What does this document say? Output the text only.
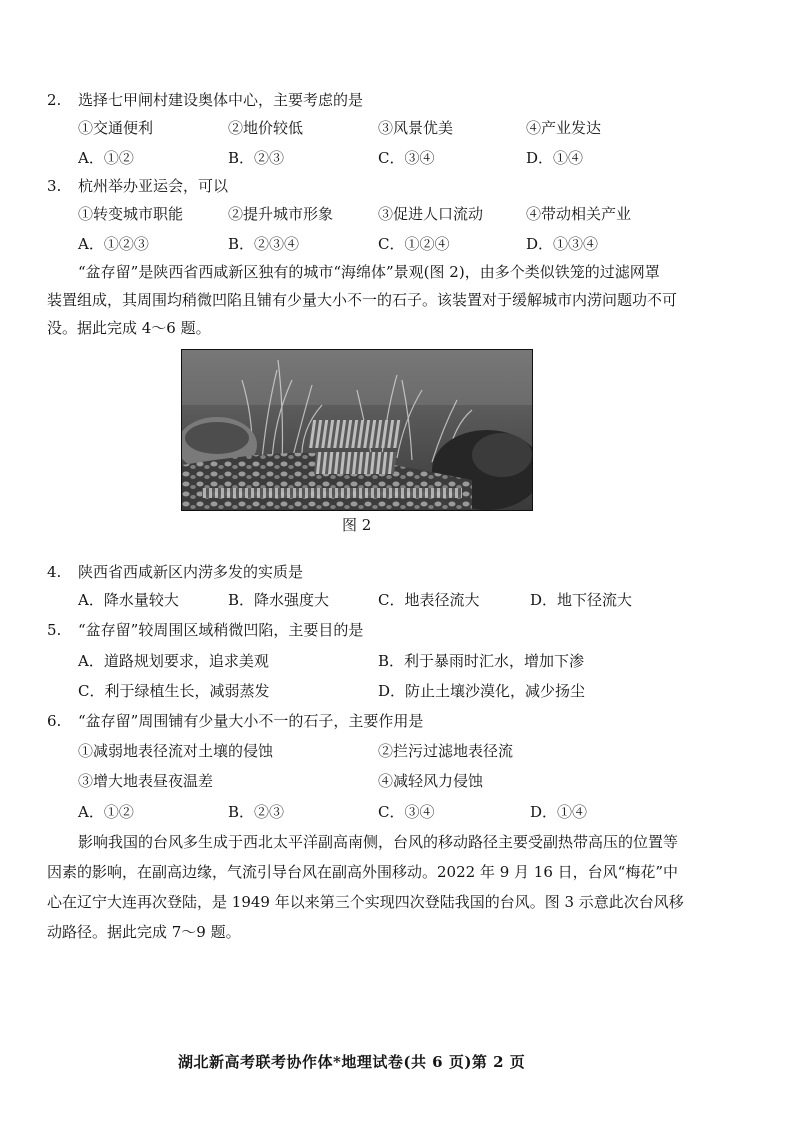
2. 选择七甲闸村建设奥体中心，主要考虑的是
①交通便利	②地价较低	③风景优美	④产业发达
A．①②	B．②③	C．③④	D．①④
3. 杭州举办亚运会，可以
①转变城市职能	②提升城市形象	③促进人口流动	④带动相关产业
A．①②③	B．②③④	C．①②④	D．①③④
“盆存留”是陕西省西咸新区独有的城市“海绵体”景观(图 2)，由多个类似铁笼的过滤网罩
装置组成，其周围均稍微凹陷且铺有少量大小不一的石子。该装置对于缓解城市内涝问题功不可
没。据此完成 4～6 题。
图 2
4. 陕西省西咸新区内涝多发的实质是
A．降水量较大	B．降水强度大	C．地表径流大	D．地下径流大
5. “盆存留”较周围区域稍微凹陷，主要目的是
A．道路规划要求，追求美观	B．利于暴雨时汇水，增加下渗
C．利于绿植生长，减弱蒸发	D．防止土壤沙漠化，减少扬尘
6. “盆存留”周围铺有少量大小不一的石子，主要作用是
①减弱地表径流对土壤的侵蚀	②拦污过滤地表径流
③增大地表昼夜温差	④减轻风力侵蚀
A．①②	B．②③	C．③④	D．①④
影响我国的台风多生成于西北太平洋副高南侧，台风的移动路径主要受副热带高压的位置等
因素的影响，在副高边缘，气流引导台风在副高外围移动。2022 年 9 月 16 日，台风“梅花”中
心在辽宁大连再次登陆，是 1949 年以来第三个实现四次登陆我国的台风。图 3 示意此次台风移
动路径。据此完成 7～9 题。
湖北新高考联考协作体*地理试卷(共 6 页)第 2 页
